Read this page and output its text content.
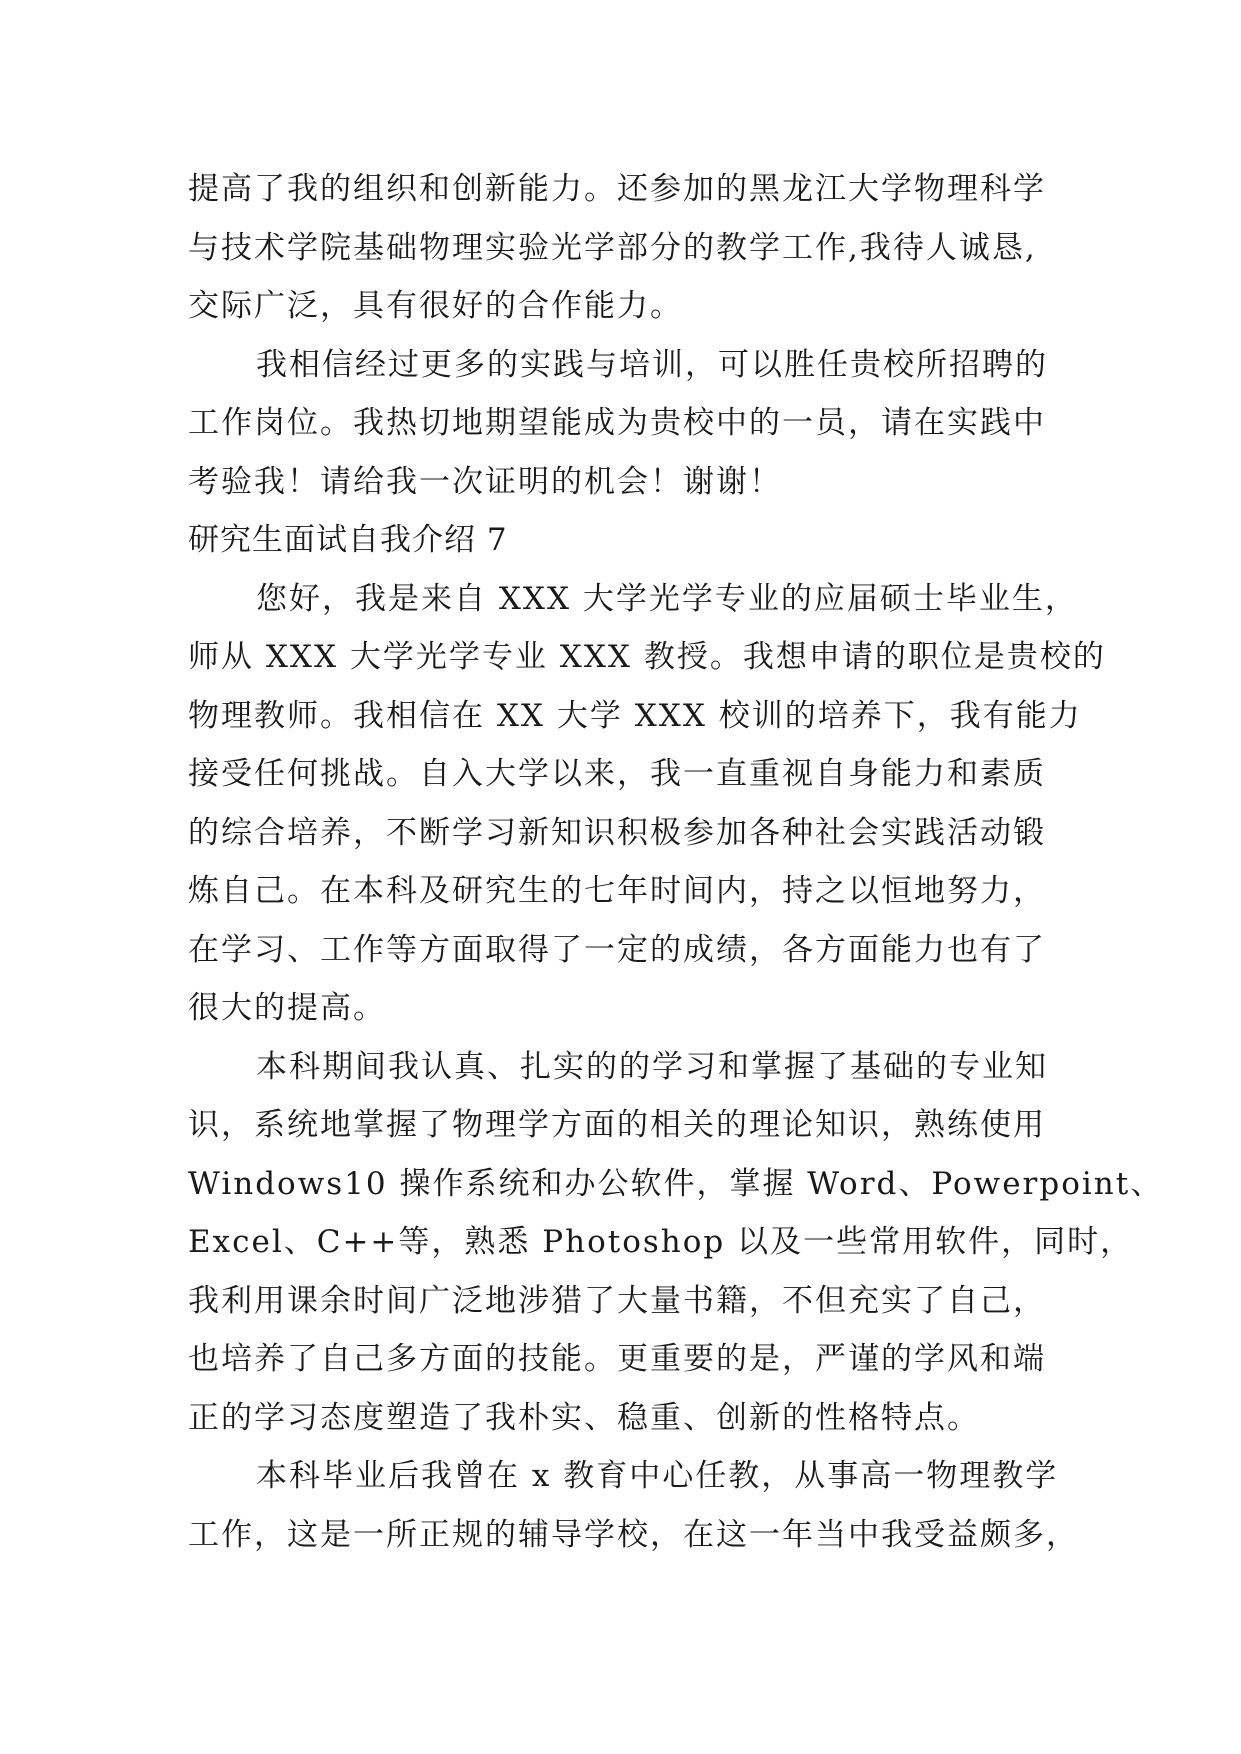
提高了我的组织和创新能力。还参加的黑龙江大学物理科学
与技术学院基础物理实验光学部分的教学工作,我待人诚恳,
交际广泛，具有很好的合作能力。
我相信经过更多的实践与培训，可以胜任贵校所招聘的
工作岗位。我热切地期望能成为贵校中的一员，请在实践中
考验我！请给我一次证明的机会！谢谢！
研究生面试自我介绍 7
您好，我是来自 XXX 大学光学专业的应届硕士毕业生，
师从 XXX 大学光学专业 XXX 教授。我想申请的职位是贵校的
物理教师。我相信在 XX 大学 XXX 校训的培养下，我有能力
接受任何挑战。自入大学以来，我一直重视自身能力和素质
的综合培养，不断学习新知识积极参加各种社会实践活动锻
炼自己。在本科及研究生的七年时间内，持之以恒地努力，
在学习、工作等方面取得了一定的成绩，各方面能力也有了
很大的提高。
本科期间我认真、扎实的的学习和掌握了基础的专业知
识，系统地掌握了物理学方面的相关的理论知识，熟练使用
Windows10 操作系统和办公软件，掌握 Word、Powerpoint、
Excel、C++等，熟悉 Photoshop 以及一些常用软件，同时，
我利用课余时间广泛地涉猎了大量书籍，不但充实了自己，
也培养了自己多方面的技能。更重要的是，严谨的学风和端
正的学习态度塑造了我朴实、稳重、创新的性格特点。
本科毕业后我曾在 x 教育中心任教，从事高一物理教学
工作，这是一所正规的辅导学校，在这一年当中我受益颇多，
